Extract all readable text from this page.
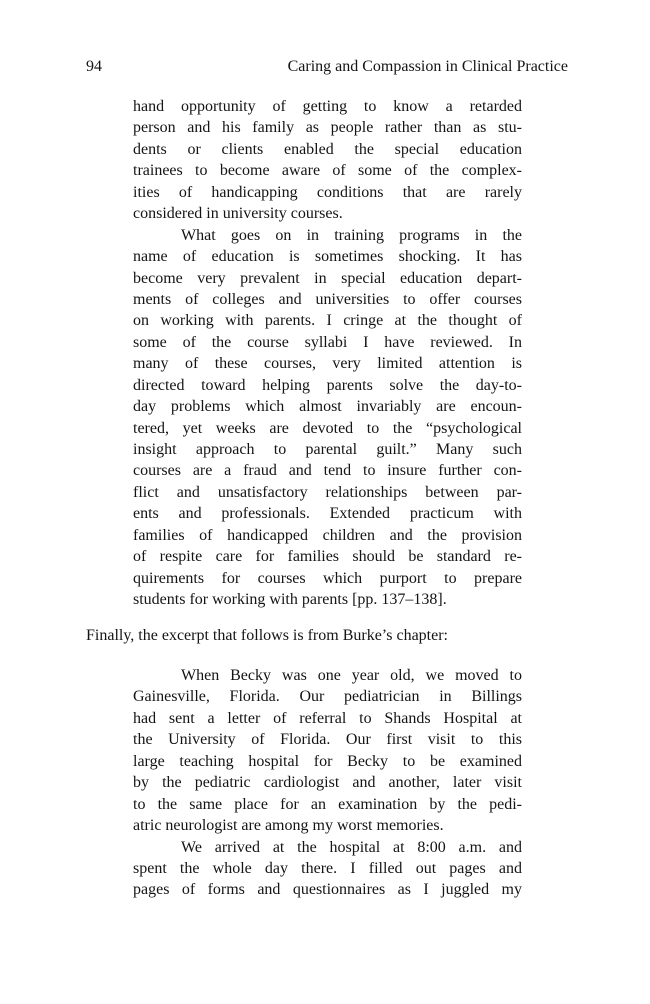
94	Caring and Compassion in Clinical Practice
hand opportunity of getting to know a retarded
person and his family as people rather than as stu-
dents or clients enabled the special education
trainees to become aware of some of the complex-
ities of handicapping conditions that are rarely
considered in university courses.
What goes on in training programs in the
name of education is sometimes shocking. It has
become very prevalent in special education depart-
ments of colleges and universities to offer courses
on working with parents. I cringe at the thought of
some of the course syllabi I have reviewed. In
many of these courses, very limited attention is
directed toward helping parents solve the day-to-
day problems which almost invariably are encoun-
tered, yet weeks are devoted to the “psychological
insight approach to parental guilt.” Many such
courses are a fraud and tend to insure further con-
flict and unsatisfactory relationships between par-
ents and professionals. Extended practicum with
families of handicapped children and the provision
of respite care for families should be standard re-
quirements for courses which purport to prepare
students for working with parents [pp. 137–138].
Finally, the excerpt that follows is from Burke’s chapter:
When Becky was one year old, we moved to
Gainesville, Florida. Our pediatrician in Billings
had sent a letter of referral to Shands Hospital at
the University of Florida. Our first visit to this
large teaching hospital for Becky to be examined
by the pediatric cardiologist and another, later visit
to the same place for an examination by the pedi-
atric neurologist are among my worst memories.
We arrived at the hospital at 8:00 a.m. and
spent the whole day there. I filled out pages and
pages of forms and questionnaires as I juggled my
